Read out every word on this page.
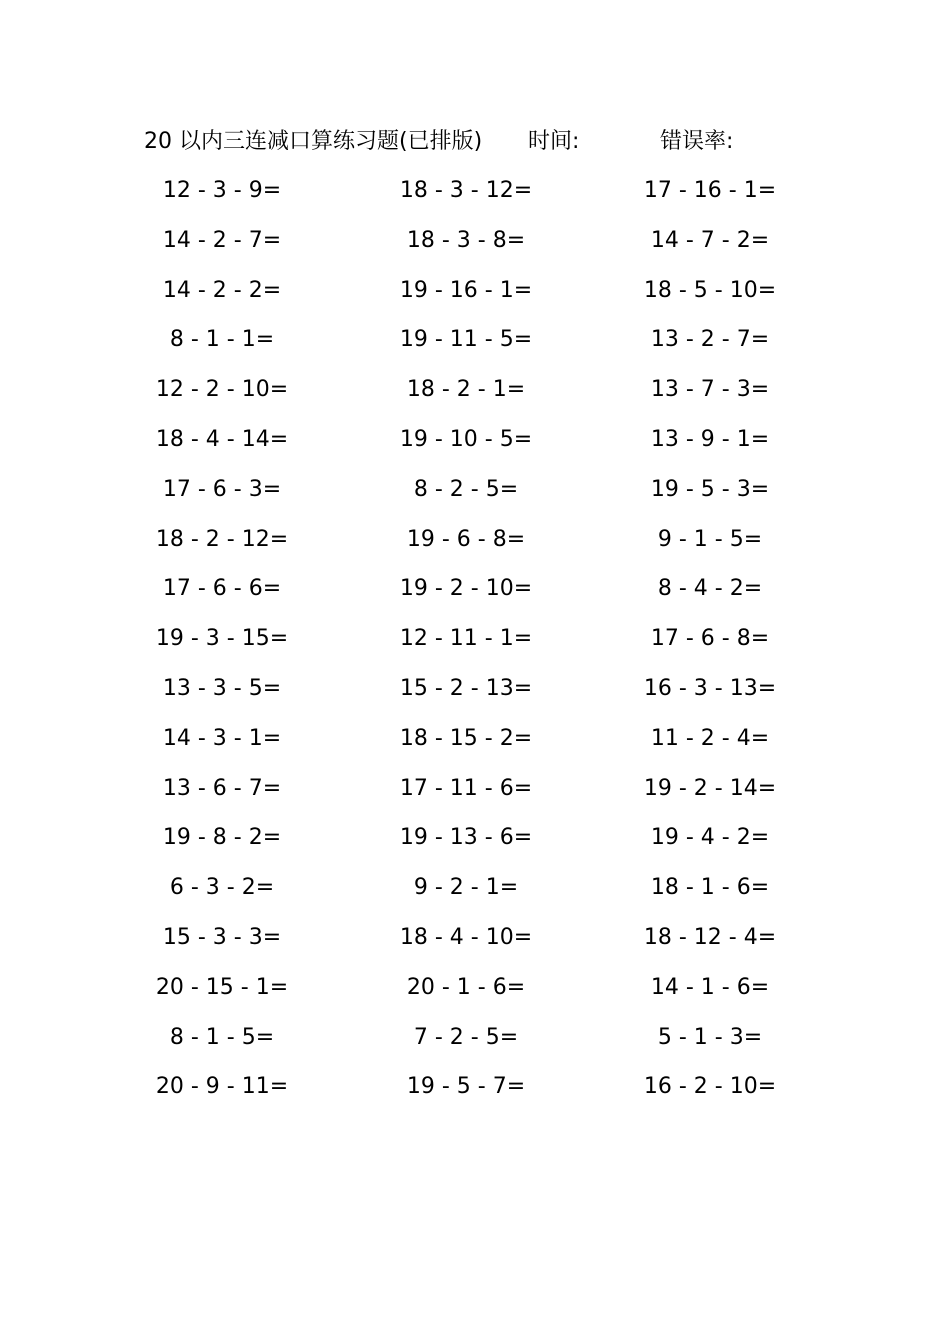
20 以内三连减口算练习题(已排版) 时间:	错误率:
12 - 3 - 9=	18 - 3 - 12=	17 - 16 - 1=
14 - 2 - 7=	18 - 3 - 8=	14 - 7 - 2=
14 - 2 - 2=	19 - 16 - 1=	18 - 5 - 10=
8 - 1 - 1=	19 - 11 - 5=	13 - 2 - 7=
12 - 2 - 10=	18 - 2 - 1=	13 - 7 - 3=
18 - 4 - 14=	19 - 10 - 5=	13 - 9 - 1=
17 - 6 - 3=	8 - 2 - 5=	19 - 5 - 3=
18 - 2 - 12=	19 - 6 - 8=	9 - 1 - 5=
17 - 6 - 6=	19 - 2 - 10=	8 - 4 - 2=
19 - 3 - 15=	12 - 11 - 1=	17 - 6 - 8=
13 - 3 - 5=	15 - 2 - 13=	16 - 3 - 13=
14 - 3 - 1=	18 - 15 - 2=	11 - 2 - 4=
13 - 6 - 7=	17 - 11 - 6=	19 - 2 - 14=
19 - 8 - 2=	19 - 13 - 6=	19 - 4 - 2=
6 - 3 - 2=	9 - 2 - 1=	18 - 1 - 6=
15 - 3 - 3=	18 - 4 - 10=	18 - 12 - 4=
20 - 15 - 1=	20 - 1 - 6=	14 - 1 - 6=
8 - 1 - 5=	7 - 2 - 5=	5 - 1 - 3=
20 - 9 - 11=	19 - 5 - 7=	16 - 2 - 10=
